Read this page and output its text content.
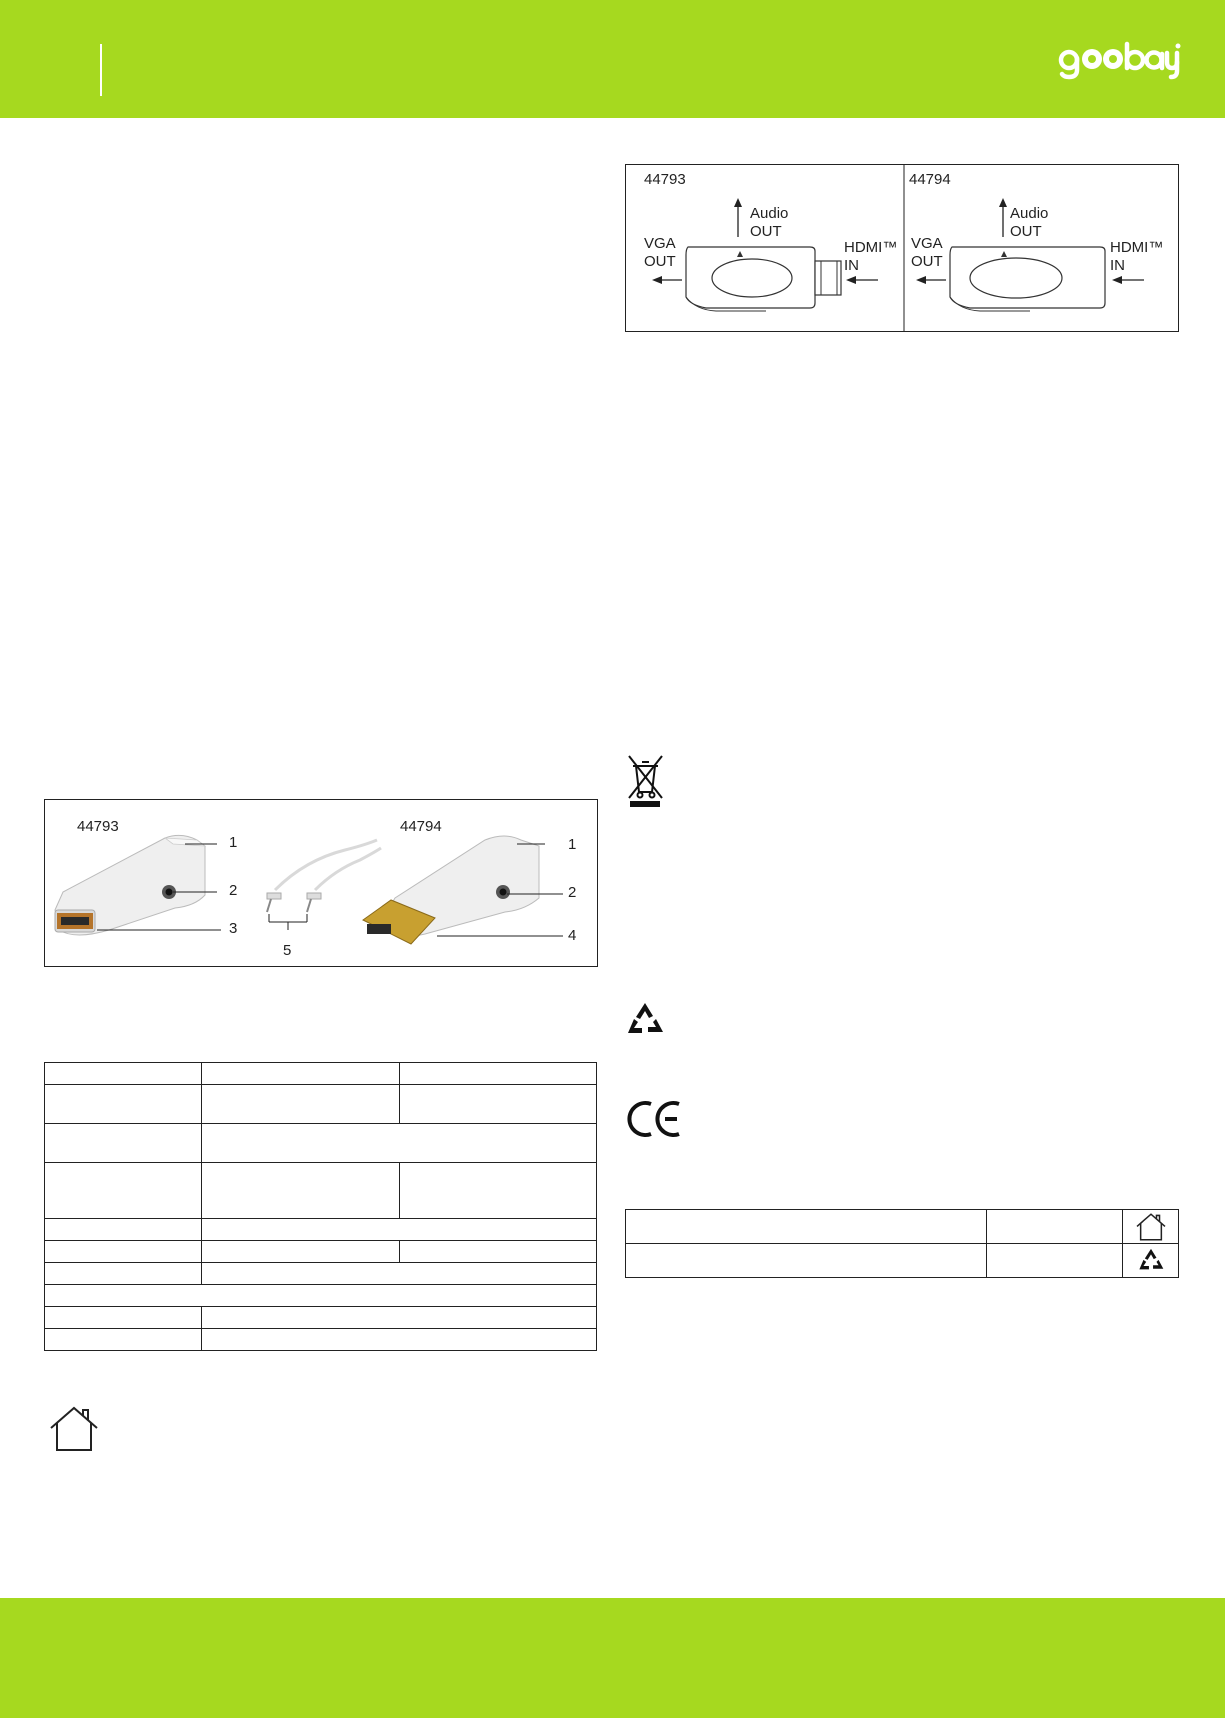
44793
Audio
OUT
VGA
OUT
HDMI™
IN
44794
Audio
OUT
VGA
OUT
HDMI™
IN
44793	44794
1
2
3
5
1
2
4
